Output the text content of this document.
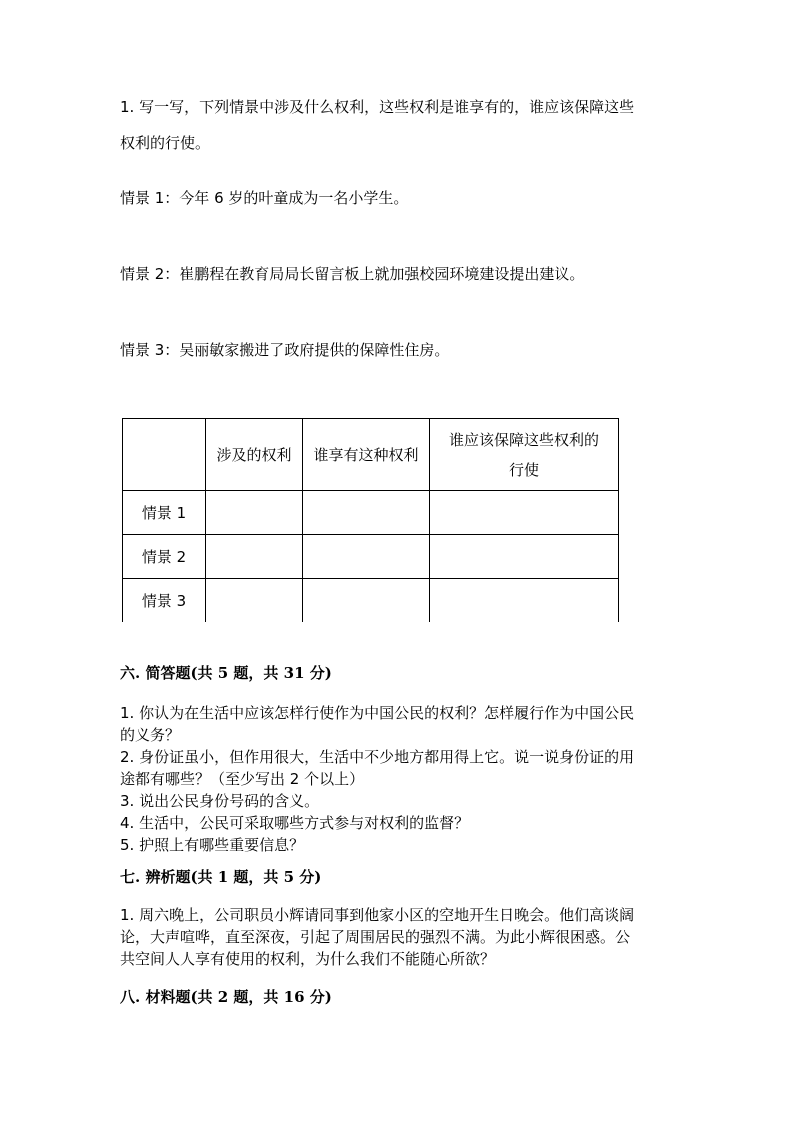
1. 写一写，下列情景中涉及什么权利，这些权利是谁享有的，谁应该保障这些
权利的行使。
情景 1：今年 6 岁的叶童成为一名小学生。
情景 2：崔鹏程在教育局局长留言板上就加强校园环境建设提出建议。
情景 3：吴丽敏家搬进了政府提供的保障性住房。
	涉及的权利	谁享有这种权利	谁应该保障这些权利的
行使

情景 1			
情景 2			
情景 3			
六. 简答题(共 5 题，共 31 分)
1. 你认为在生活中应该怎样行使作为中国公民的权利？怎样履行作为中国公民
的义务？
2. 身份证虽小，但作用很大，生活中不少地方都用得上它。说一说身份证的用
途都有哪些？（至少写出 2 个以上）
3. 说出公民身份号码的含义。
4. 生活中，公民可采取哪些方式参与对权利的监督？
5. 护照上有哪些重要信息？
七. 辨析题(共 1 题，共 5 分)
1. 周六晚上，公司职员小辉请同事到他家小区的空地开生日晚会。他们高谈阔
论，大声喧哗，直至深夜，引起了周围居民的强烈不满。为此小辉很困惑。公
共空间人人享有使用的权利，为什么我们不能随心所欲？
八. 材料题(共 2 题，共 16 分)
